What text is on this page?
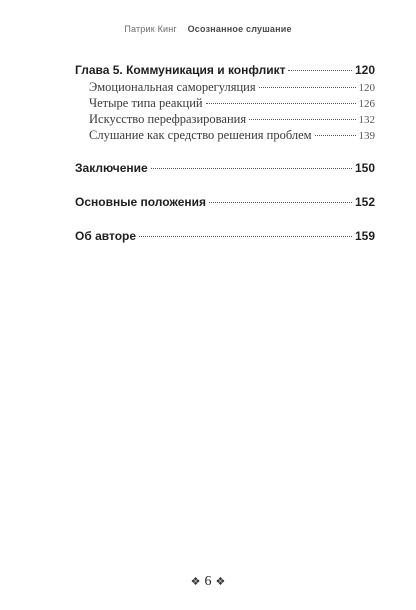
Патрик Кинг Осознанное слушание
Глава 5. Коммуникация и конфликт	120
Эмоциональная саморегуляция	120
Четыре типа реакций	126
Искусство перефразирования	132
Слушание как средство решения проблем	139
Заключение	150
Основные положения	152
Об авторе	159
❖ 6 ❖
